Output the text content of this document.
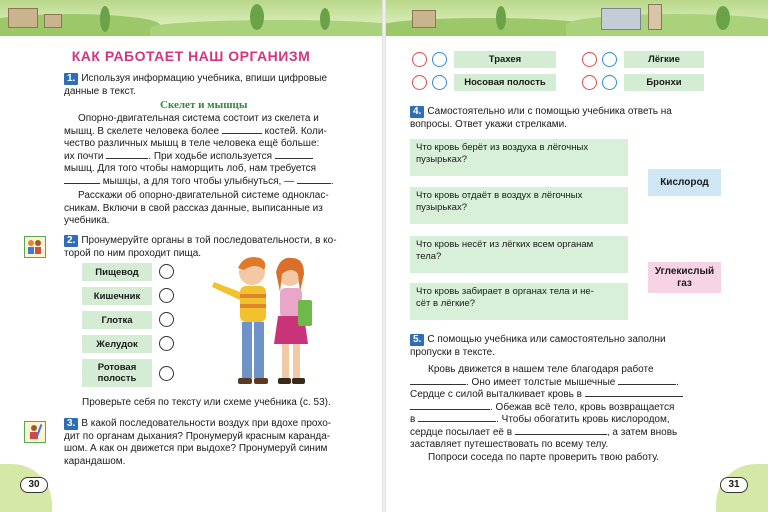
КАК РАБОТАЕТ НАШ ОРГАНИЗМ
1. Используя информацию учебника, впиши цифровые
данные в текст.
Скелет и мышцы
Опорно-двигательная система состоит из скелета и
мышц. В скелете человека более	костей. Коли-
чество различных мышц в теле человека ещё больше:
их почти	. При ходьбе используется
мышц. Для того чтобы наморщить лоб, нам требуется
мышцы, а для того чтобы улыбнуться, —	.
Расскажи об опорно-двигательной системе одноклас-
сникам. Включи в свой рассказ данные, выписанные из
учебника.
2. Пронумеруйте органы в той последовательности, в ко-
торой по ним проходит пища.
Пищевод
Кишечник
Глотка
Желудок
Ротовая полость
Проверьте себя по тексту или схеме учебника (с. 53).
3. В какой последовательности воздух при вдохе прохо-
дит по органам дыхания? Пронумеруй красным каранда-
шом. А как он движется при выдохе? Пронумеруй синим
карандашом.
30
Трахея
Носовая полость
Лёгкие
Бронхи
4. Самостоятельно или с помощью учебника ответь на
вопросы. Ответ укажи стрелками.
Что кровь берёт из воздуха в лёгочных
пузырьках?
Что кровь отдаёт в воздух в лёгочных
пузырьках?
Что кровь несёт из лёгких всем органам
тела?
Что кровь забирает в органах тела и не-
сёт в лёгкие?
Кислород
Углекислый
газ
5. С помощью учебника или самостоятельно заполни
пропуски в тексте.
Кровь движется в нашем теле благодаря работе
. Оно имеет толстые мышечные	.
Сердце с силой выталкивает кровь в
. Обежав всё тело, кровь возвращается
в	. Чтобы обогатить кровь кислородом,
сердце посылает её в	, а затем вновь
заставляет путешествовать по всему телу.
Попроси соседа по парте проверить твою работу.
31
